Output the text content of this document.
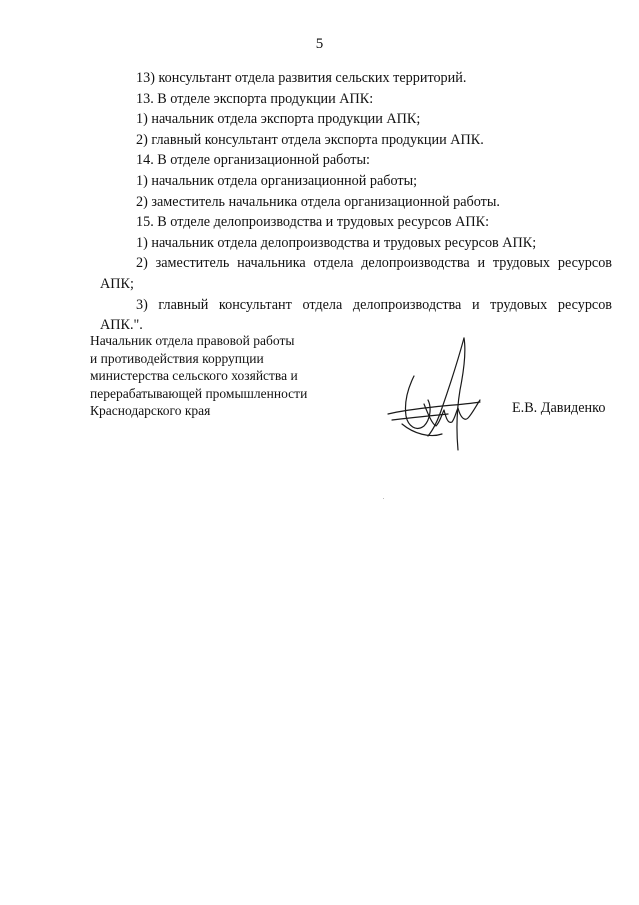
5
13) консультант отдела развития сельских территорий.
13. В отделе экспорта продукции АПК:
1) начальник отдела экспорта продукции АПК;
2) главный консультант отдела экспорта продукции АПК.
14. В отделе организационной работы:
1) начальник отдела организационной работы;
2) заместитель начальника отдела организационной работы.
15. В отделе делопроизводства и трудовых ресурсов АПК:
1) начальник отдела делопроизводства и трудовых ресурсов АПК;
2) заместитель начальника отдела делопроизводства и трудовых ресурсов
АПК;
3) главный консультант отдела делопроизводства и трудовых ресурсов
АПК.".
Начальник отдела правовой работы
и противодействия коррупции
министерства сельского хозяйства и
перерабатывающей промышленности
Краснодарского края	Е.В. Давиденко
